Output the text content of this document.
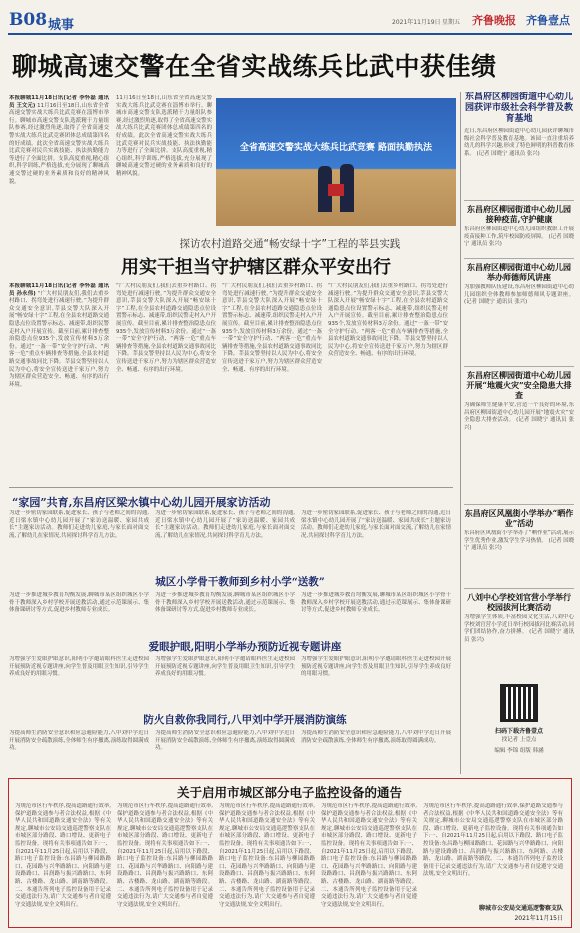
B08 城事	2021年11月19日 星期五 齐鲁晚报 齐鲁壹点
聊城高速交警在全省实战练兵比武中获佳绩
本报聊城11月18日讯(记者 李怀磊 通讯员 王文元) 11月16日至18日,山东省全省高速交警实战大练兵比武竞赛在淄博市举行。聊城市高速交警支队选派精干力量组队参赛,经过激烈角逐,取得了全省高速交警实战大练兵比武竞赛团体总成绩第四名的好成绩。此次全省高速交警实战大练兵比武竞赛对民兵实战技能、执法执勤能力等进行了全面比拼。支队高度重视,精心组织,科学训练,严格选拔,充分展现了聊城高速交警过硬的业务素质和良好的精神风貌。
11月16日至18日,山东省全省高速交警实战大练兵比武竞赛在淄博市举行。聊城市高速交警支队选派精干力量组队参赛,经过激烈角逐,取得了全省高速交警实战大练兵比武竞赛团体总成绩第四名的好成绩。此次全省高速交警实战大练兵比武竞赛对民兵实战技能、执法执勤能力等进行了全面比拼。支队高度重视,精心组织,科学训练,严格选拔,充分展现了聊城高速交警过硬的业务素质和良好的精神风貌。
全省高速交警实战大练兵比武竞赛 路面执勤执法
探访农村道路交通“畅安绿十字”工程的莘县实践
用实干担当守护辖区群众平安出行
本报聊城11月18日讯(记者 李怀磊 通讯员 孙永伟) “广大村民朋友们,我们去重乡村路口、拐弯处进行减速行驶。”为提升群众交通安全意识,莘县交警大队深入开展“畅安绿十字”工程,在全县农村道路交通隐患点位设置警示标志、减速带,组织民警走村入户开展宣传。截至目前,累计排查整治隐患点位935个,发放宣传材料3万余份。通过“一盔一带”安全守护行动、“两客一危”重点车辆排查等措施,全县农村道路交通事故同比下降。莘县交警坚持以人民为中心,将安全宣传送进千家万户,努力为辖区群众营造安全、畅通、有序的出行环境。
“广大村民朋友们,我们去重乡村路口、拐弯处进行减速行驶。”为提升群众交通安全意识,莘县交警大队深入开展“畅安绿十字”工程,在全县农村道路交通隐患点位设置警示标志、减速带,组织民警走村入户开展宣传。截至目前,累计排查整治隐患点位935个,发放宣传材料3万余份。通过“一盔一带”安全守护行动、“两客一危”重点车辆排查等措施,全县农村道路交通事故同比下降。莘县交警坚持以人民为中心,将安全宣传送进千家万户,努力为辖区群众营造安全、畅通、有序的出行环境。
“广大村民朋友们,我们去重乡村路口、拐弯处进行减速行驶。”为提升群众交通安全意识,莘县交警大队深入开展“畅安绿十字”工程,在全县农村道路交通隐患点位设置警示标志、减速带,组织民警走村入户开展宣传。截至目前,累计排查整治隐患点位935个,发放宣传材料3万余份。通过“一盔一带”安全守护行动、“两客一危”重点车辆排查等措施,全县农村道路交通事故同比下降。莘县交警坚持以人民为中心,将安全宣传送进千家万户,努力为辖区群众营造安全、畅通、有序的出行环境。
“广大村民朋友们,我们去重乡村路口、拐弯处进行减速行驶。”为提升群众交通安全意识,莘县交警大队深入开展“畅安绿十字”工程,在全县农村道路交通隐患点位设置警示标志、减速带,组织民警走村入户开展宣传。截至目前,累计排查整治隐患点位935个,发放宣传材料3万余份。通过“一盔一带”安全守护行动、“两客一危”重点车辆排查等措施,全县农村道路交通事故同比下降。莘县交警坚持以人民为中心,将安全宣传送进千家万户,努力为辖区群众营造安全、畅通、有序的出行环境。
“家园”共育,东昌府区梁水镇中心幼儿园开展家访活动
为进一步密切家园联系,促进家长、孩子与老师之间的沟通,近日梁水镇中心幼儿园开展了“家访送温暖、家园共成长”主题家访活动。教师们走进幼儿家庭,与家长面对面交流,了解幼儿在家情况,共同探讨科学育儿方法。
为进一步密切家园联系,促进家长、孩子与老师之间的沟通,近日梁水镇中心幼儿园开展了“家访送温暖、家园共成长”主题家访活动。教师们走进幼儿家庭,与家长面对面交流,了解幼儿在家情况,共同探讨科学育儿方法。
为进一步密切家园联系,促进家长、孩子与老师之间的沟通,近日梁水镇中心幼儿园开展了“家访送温暖、家园共成长”主题家访活动。教师们走进幼儿家庭,与家长面对面交流,了解幼儿在家情况,共同探讨科学育儿方法。
城区小学骨干教师到乡村小学“送教”
为进一步推进城乡教育均衡发展,聊城市某区组织城区小学骨干教师深入乡村学校开展送教活动,通过示范课展示、集体备课研讨等方式,促进乡村教师专业成长。
为进一步推进城乡教育均衡发展,聊城市某区组织城区小学骨干教师深入乡村学校开展送教活动,通过示范课展示、集体备课研讨等方式,促进乡村教师专业成长。
为进一步推进城乡教育均衡发展,聊城市某区组织城区小学骨干教师深入乡村学校开展送教活动,通过示范课展示、集体备课研讨等方式,促进乡村教师专业成长。
爱眼护眼,阳明小学举办预防近视专题讲座
为增强学生爱眼护眼意识,阳明小学邀请眼科医生走进校园开展预防近视专题讲座,向学生普及用眼卫生知识,引导学生养成良好的用眼习惯。
为增强学生爱眼护眼意识,阳明小学邀请眼科医生走进校园开展预防近视专题讲座,向学生普及用眼卫生知识,引导学生养成良好的用眼习惯。
为增强学生爱眼护眼意识,阳明小学邀请眼科医生走进校园开展预防近视专题讲座,向学生普及用眼卫生知识,引导学生养成良好的用眼习惯。
防火自救你我同行,八甲刘中学开展消防演练
为提高师生消防安全意识和应急避险能力,八甲刘中学近日开展消防安全疏散演练,全体师生有序撤离,演练取得圆满成功。
为提高师生消防安全意识和应急避险能力,八甲刘中学近日开展消防安全疏散演练,全体师生有序撤离,演练取得圆满成功。
为提高师生消防安全意识和应急避险能力,八甲刘中学近日开展消防安全疏散演练,全体师生有序撤离,演练取得圆满成功。
东昌府区柳园街道中心幼儿园获评市级社会科学普及教育基地
近日,东昌府区柳园街道中心幼儿园获评聊城市级社会科学普及教育基地。该园一直注重培养幼儿的科学兴趣,形成了特色鲜明的科普教育体系。 (记者 国晓宁 通讯员 张兴)
东昌府区柳园街道中心幼儿园接种疫苗,守护健康
东昌府区柳园街道中心幼儿园组织教职工开展疫苗接种工作,筑牢校园防疫屏障。 (记者 国晓宁 通讯员 张兴)
东昌府区柳园街道中心幼儿园举办师德师风讲座
为加强教师队伍建设,东昌府区柳园街道中心幼儿园组织全体教师参加师德师风专题讲座。 (记者 国晓宁 通讯员 张兴)
东昌府区柳园街道中心幼儿园开展“地震火灾”安全隐患大排查
为确保师生健康平安,营造一个良好的环境,东昌府区柳园街道中心幼儿园开展“地震火灾”安全隐患大排查活动。 (记者 国晓宁 通讯员 张兴)
东昌府区风凰街小学举办“晒作业”活动
东昌府区风凰街小学举办了“晒作业”活动,展示学生优秀作业,激发学生学习热情。 (记者 国晓宁 通讯员 张兴)
八刘中心学校刘官营小学举行校园拔河比赛活动
为增强学生体质,丰富校园文化生活,八刘中心学校刘官营小学近日举行校园拔河比赛活动,同学们团结协作,奋力拼搏。 (记者 国晓宁 通讯员 张兴)
扫码下载齐鲁壹点
找记者 上壹点
编辑 李锦 组版 韩涵
关于启用市城区部分电子监控设备的通告
为规范市区行车秩序,提高道路通行效率,保护道路交通参与者合法权益,根据《中华人民共和国道路交通安全法》等有关规定,聊城市公安局交通巡逻警察支队在市城区部分路段、路口增设、更新电子监控设备。现将有关事项通告如下:一、自2021年11月25日起,启用以下路段、路口电子监控设备:东昌路与柳园路路口、花园路与兴华路路口、向阳路与建设路路口、昌润路与振兴路路口、东阿路、古楼路、龙山路、湖南路等路段。二、本通告所列电子监控设备用于记录交通违法行为,请广大交通参与者自觉遵守交通法规,安全文明出行。
为规范市区行车秩序,提高道路通行效率,保护道路交通参与者合法权益,根据《中华人民共和国道路交通安全法》等有关规定,聊城市公安局交通巡逻警察支队在市城区部分路段、路口增设、更新电子监控设备。现将有关事项通告如下:一、自2021年11月25日起,启用以下路段、路口电子监控设备:东昌路与柳园路路口、花园路与兴华路路口、向阳路与建设路路口、昌润路与振兴路路口、东阿路、古楼路、龙山路、湖南路等路段。二、本通告所列电子监控设备用于记录交通违法行为,请广大交通参与者自觉遵守交通法规,安全文明出行。
为规范市区行车秩序,提高道路通行效率,保护道路交通参与者合法权益,根据《中华人民共和国道路交通安全法》等有关规定,聊城市公安局交通巡逻警察支队在市城区部分路段、路口增设、更新电子监控设备。现将有关事项通告如下:一、自2021年11月25日起,启用以下路段、路口电子监控设备:东昌路与柳园路路口、花园路与兴华路路口、向阳路与建设路路口、昌润路与振兴路路口、东阿路、古楼路、龙山路、湖南路等路段。二、本通告所列电子监控设备用于记录交通违法行为,请广大交通参与者自觉遵守交通法规,安全文明出行。
为规范市区行车秩序,提高道路通行效率,保护道路交通参与者合法权益,根据《中华人民共和国道路交通安全法》等有关规定,聊城市公安局交通巡逻警察支队在市城区部分路段、路口增设、更新电子监控设备。现将有关事项通告如下:一、自2021年11月25日起,启用以下路段、路口电子监控设备:东昌路与柳园路路口、花园路与兴华路路口、向阳路与建设路路口、昌润路与振兴路路口、东阿路、古楼路、龙山路、湖南路等路段。二、本通告所列电子监控设备用于记录交通违法行为,请广大交通参与者自觉遵守交通法规,安全文明出行。
为规范市区行车秩序,提高道路通行效率,保护道路交通参与者合法权益,根据《中华人民共和国道路交通安全法》等有关规定,聊城市公安局交通巡逻警察支队在市城区部分路段、路口增设、更新电子监控设备。现将有关事项通告如下:一、自2021年11月25日起,启用以下路段、路口电子监控设备:东昌路与柳园路路口、花园路与兴华路路口、向阳路与建设路路口、昌润路与振兴路路口、东阿路、古楼路、龙山路、湖南路等路段。二、本通告所列电子监控设备用于记录交通违法行为,请广大交通参与者自觉遵守交通法规,安全文明出行。
聊城市公安局交通巡逻警察支队
2021年11月15日
